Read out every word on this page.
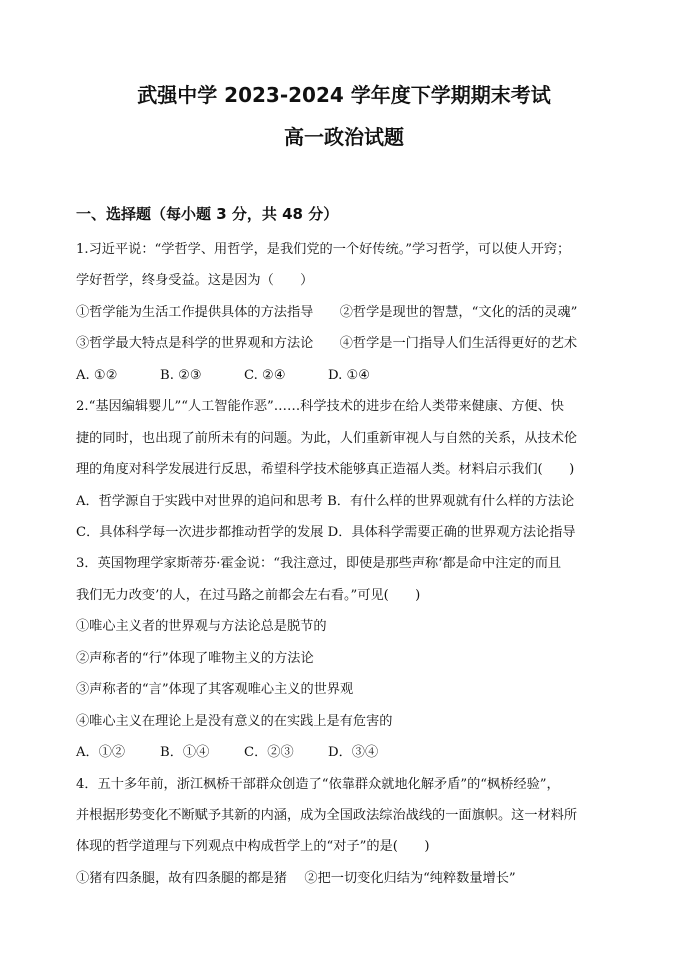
武强中学 2023-2024 学年度下学期期末考试
高一政治试题
一、选择题（每小题 3 分，共 48 分）
1.习近平说：“学哲学、用哲学，是我们党的一个好传统。”学习哲学，可以使人开窍；
学好哲学，终身受益。这是因为（　　）
①哲学能为生活工作提供具体的方法指导　　②哲学是现世的智慧，“文化的活的灵魂”
③哲学最大特点是科学的世界观和方法论　　④哲学是一门指导人们生活得更好的艺术
A. ①②	B. ②③	C. ②④	D. ①④
2.“基因编辑婴儿”“人工智能作恶”……科学技术的进步在给人类带来健康、方便、快
捷的同时，也出现了前所未有的问题。为此，人们重新审视人与自然的关系，从技术伦
理的角度对科学发展进行反思，希望科学技术能够真正造福人类。材料启示我们(　　)
A．哲学源自于实践中对世界的追问和思考 B．有什么样的世界观就有什么样的方法论
C．具体科学每一次进步都推动哲学的发展 D．具体科学需要正确的世界观方法论指导
3．英国物理学家斯蒂芬·霍金说：“我注意过，即使是那些声称‘都是命中注定的而且
我们无力改变’的人，在过马路之前都会左右看。”可见(　　)
①唯心主义者的世界观与方法论总是脱节的
②声称者的“行”体现了唯物主义的方法论
③声称者的“言”体现了其客观唯心主义的世界观
④唯心主义在理论上是没有意义的在实践上是有危害的
A．①②	B．①④	C．②③	D．③④
4．五十多年前，浙江枫桥干部群众创造了“依靠群众就地化解矛盾”的“枫桥经验”，
并根据形势变化不断赋予其新的内涵，成为全国政法综治战线的一面旗帜。这一材料所
体现的哲学道理与下列观点中构成哲学上的“对子”的是(　　)
①猪有四条腿，故有四条腿的都是猪　 ②把一切变化归结为“纯粹数量增长”
